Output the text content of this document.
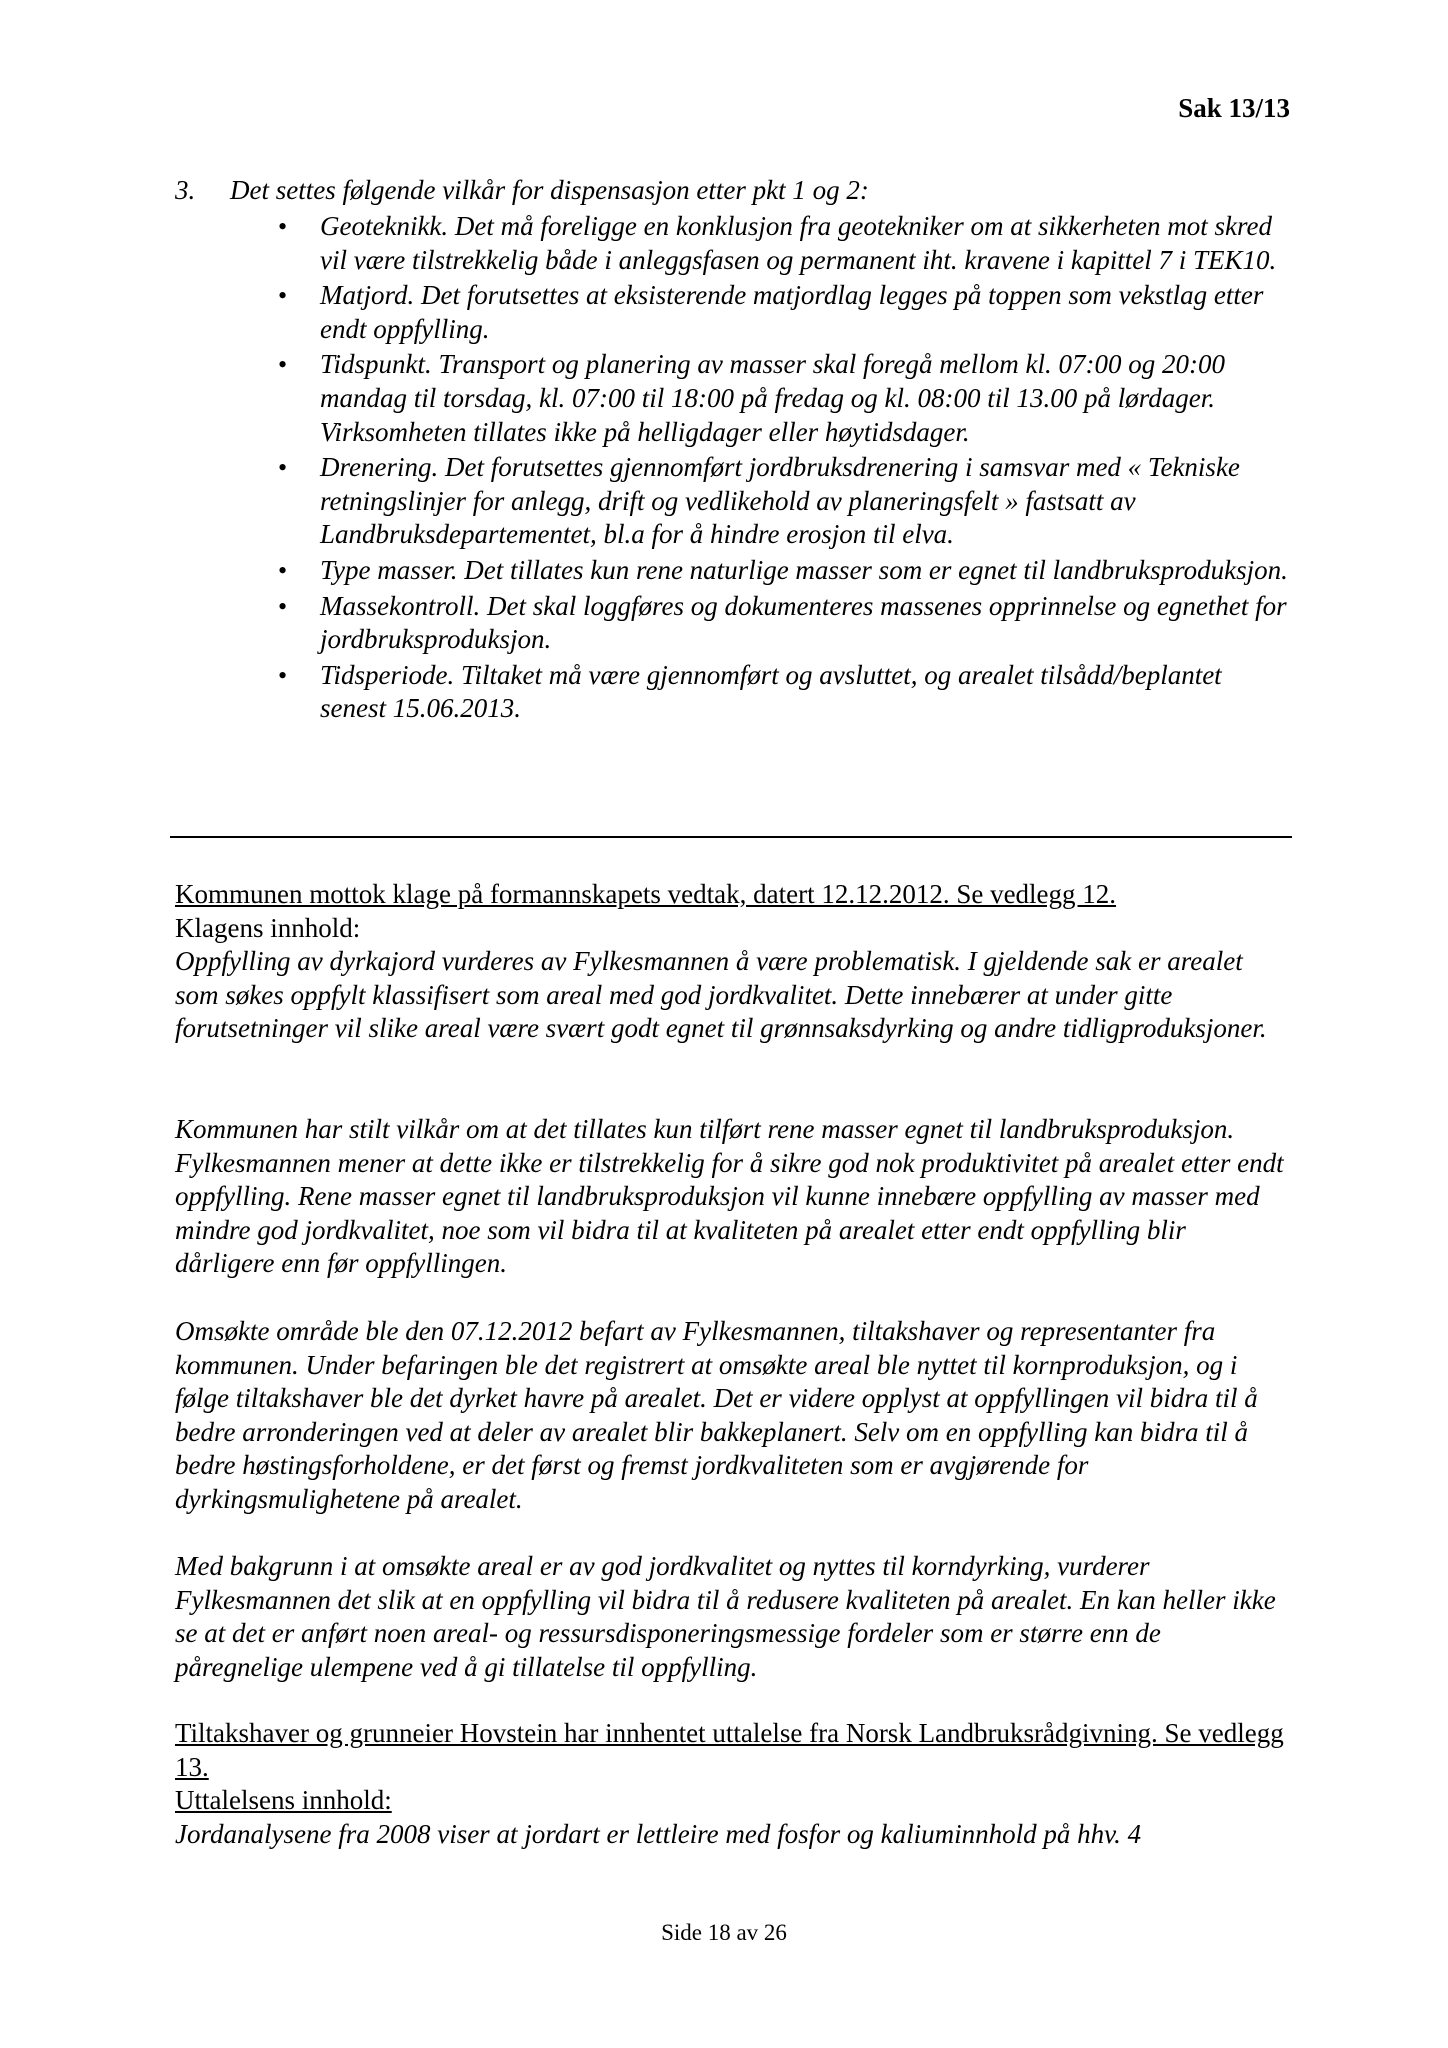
Sak 13/13
3. Det settes følgende vilkår for dispensasjon etter pkt 1 og 2:
• Geoteknikk. Det må foreligge en konklusjon fra geotekniker om at sikkerheten mot skred vil være tilstrekkelig både i anleggsfasen og permanent iht. kravene i kapittel 7 i TEK10.
• Matjord. Det forutsettes at eksisterende matjordlag legges på toppen som vekstlag etter endt oppfylling.
• Tidspunkt. Transport og planering av masser skal foregå mellom kl. 07:00 og 20:00 mandag til torsdag, kl. 07:00 til 18:00 på fredag og kl. 08:00 til 13.00 på lørdager. Virksomheten tillates ikke på helligdager eller høytidsdager.
• Drenering. Det forutsettes gjennomført jordbruksdrenering i samsvar med « Tekniske retningslinjer for anlegg, drift og vedlikehold av planeringsfelt » fastsatt av Landbruksdepartementet, bl.a for å hindre erosjon til elva.
• Type masser. Det tillates kun rene naturlige masser som er egnet til landbruksproduksjon.
• Massekontroll. Det skal loggføres og dokumenteres massenes opprinnelse og egnethet for jordbruksproduksjon.
• Tidsperiode. Tiltaket må være gjennomført og avsluttet, og arealet tilsådd/beplantet senest 15.06.2013.

Kommunen mottok klage på formannskapets vedtak, datert 12.12.2012. Se vedlegg 12.

Klagens innhold:

Oppfylling av dyrkajord vurderes av Fylkesmannen å være problematisk. I gjeldende sak er arealet som søkes oppfylt klassifisert som areal med god jordkvalitet. Dette innebærer at under gitte forutsetninger vil slike areal være svært godt egnet til grønnsaksdyrking og andre tidligproduksjoner.

Kommunen har stilt vilkår om at det tillates kun tilført rene masser egnet til landbruksproduksjon. Fylkesmannen mener at dette ikke er tilstrekkelig for å sikre god nok produktivitet på arealet etter endt oppfylling. Rene masser egnet til landbruksproduksjon vil kunne innebære oppfylling av masser med mindre god jordkvalitet, noe som vil bidra til at kvaliteten på arealet etter endt oppfylling blir dårligere enn før oppfyllingen.
Omsøkte område ble den 07.12.2012 befart av Fylkesmannen, tiltakshaver og representanter fra kommunen. Under befaringen ble det registrert at omsøkte areal ble nyttet til kornproduksjon, og i følge tiltakshaver ble det dyrket havre på arealet. Det er videre opplyst at oppfyllingen vil bidra til å bedre arronderingen ved at deler av arealet blir bakkeplanert. Selv om en oppfylling kan bidra til å bedre høstingsforholdene, er det først og fremst jordkvaliteten som er avgjørende for dyrkingsmulighetene på arealet.
Med bakgrunn i at omsøkte areal er av god jordkvalitet og nyttes til korndyrking, vurderer Fylkesmannen det slik at en oppfylling vil bidra til å redusere kvaliteten på arealet. En kan heller ikke se at det er anført noen areal- og ressursdisponeringsmessige fordeler som er større enn de påregnelige ulempene ved å gi tillatelse til oppfylling.

Tiltakshaver og grunneier Hovstein har innhentet uttalelse fra Norsk Landbruksrådgivning. Se vedlegg 13.

Uttalelsens innhold:

Jordanalysene fra 2008 viser at jordart er lettleire med fosfor og kaliuminnhold på hhv. 4

Side 18 av 26
